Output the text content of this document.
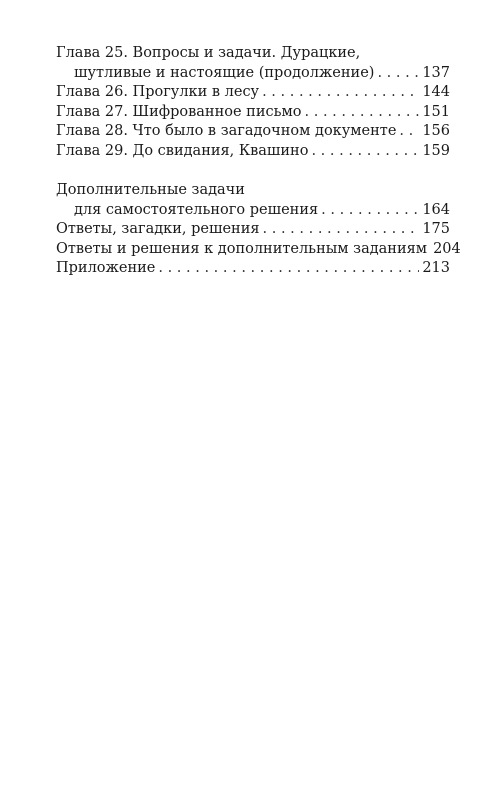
Глава 25. Вопросы и задачи. Дурацкие,
шутливые и настоящие (продолжение) . . .	137
Глава 26. Прогулки в лесу . . .	144
Глава 27. Шифрованное письмо . . .	151
Глава 28. Что было в загадочном документе . . . 156
Глава 29. До свидания, Квашино . . .	159
Дополнительные задачи
для самостоятельного решения . . .	164
Ответы, загадки, решения . . .	175
Ответы и решения к дополнительным заданиям 204
Приложение . . .	213
